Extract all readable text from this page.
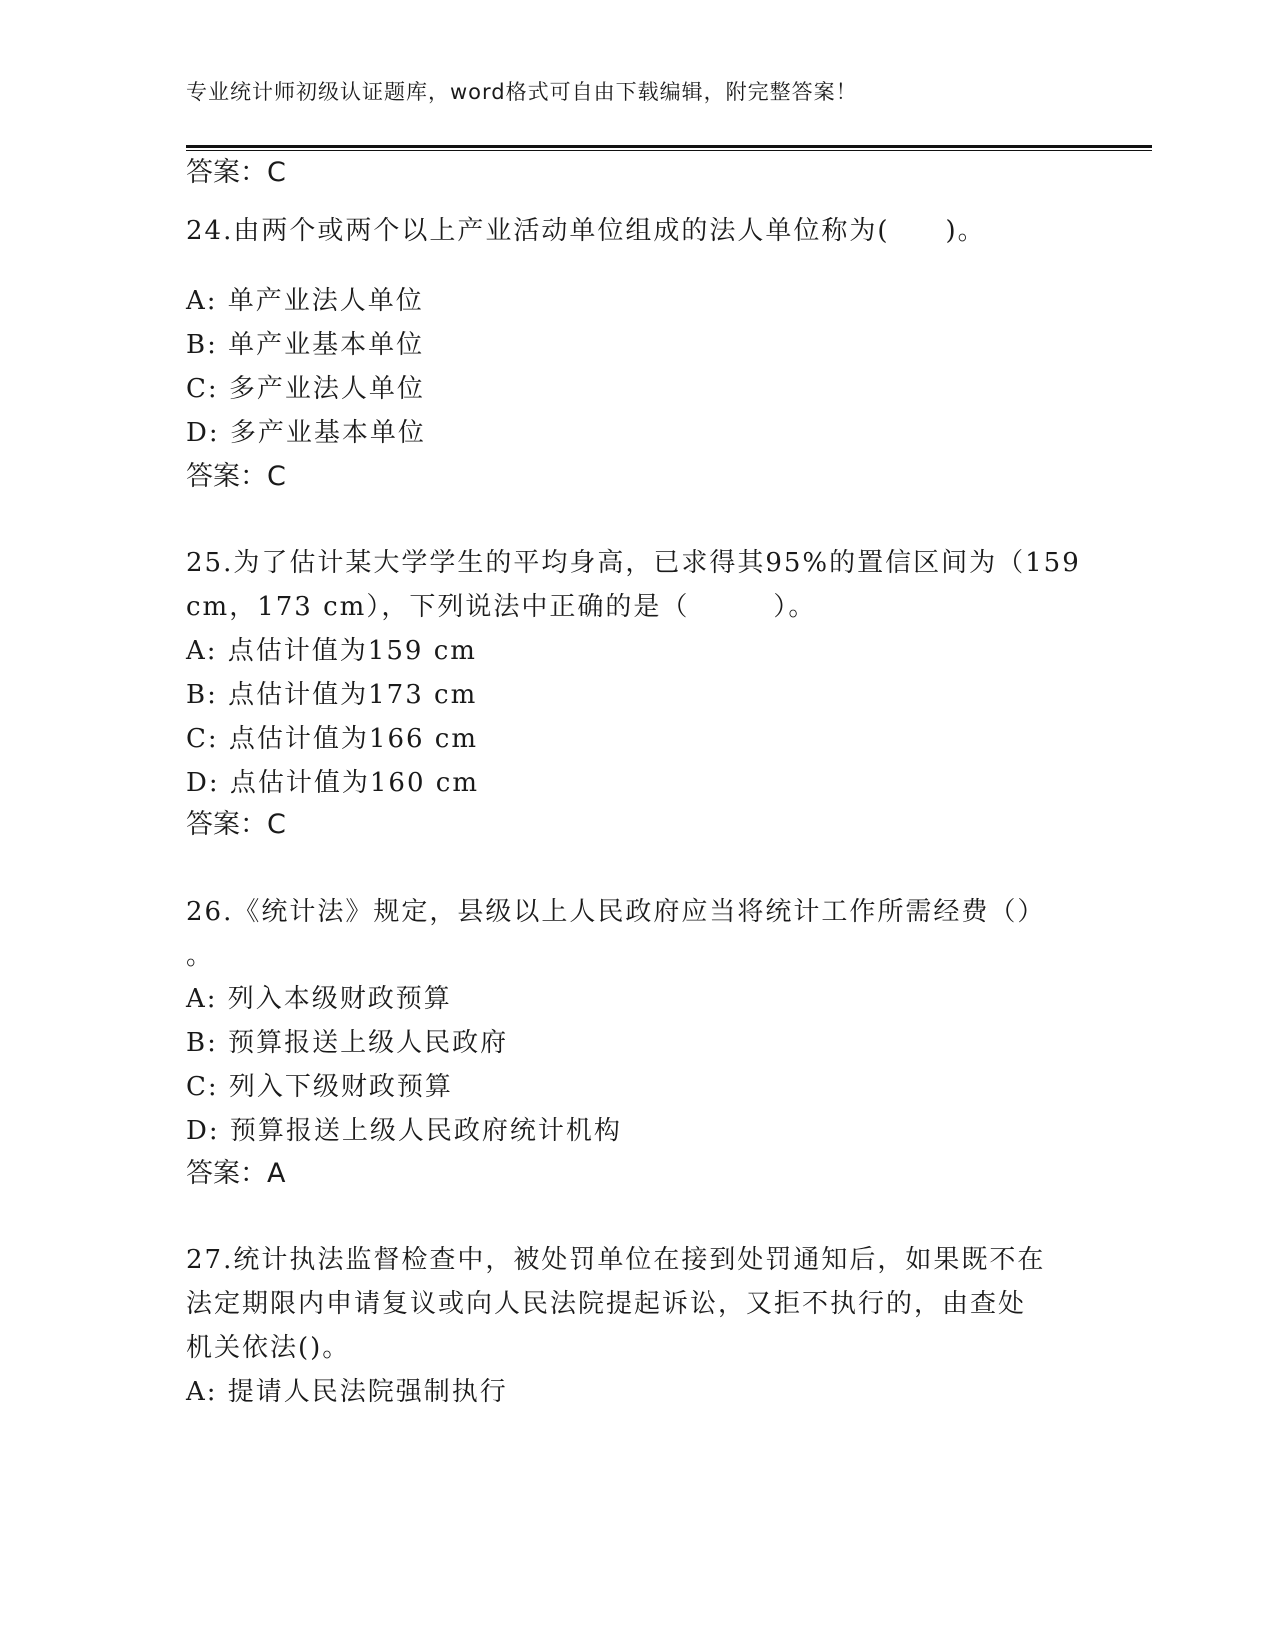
专业统计师初级认证题库，word格式可自由下载编辑，附完整答案！
答案：C
24.由两个或两个以上产业活动单位组成的法人单位称为(　　)。
A: 单产业法人单位
B: 单产业基本单位
C: 多产业法人单位
D: 多产业基本单位
答案：C
25.为了估计某大学学生的平均身高，已求得其95%的置信区间为（159
cm，173 cm），下列说法中正确的是（　　　）。
A: 点估计值为159 cm
B: 点估计值为173 cm
C: 点估计值为166 cm
D: 点估计值为160 cm
答案：C
26.《统计法》规定，县级以上人民政府应当将统计工作所需经费（）
。
A: 列入本级财政预算
B: 预算报送上级人民政府
C: 列入下级财政预算
D: 预算报送上级人民政府统计机构
答案：A
27.统计执法监督检查中，被处罚单位在接到处罚通知后，如果既不在
法定期限内申请复议或向人民法院提起诉讼，又拒不执行的，由查处
机关依法()。
A: 提请人民法院强制执行
